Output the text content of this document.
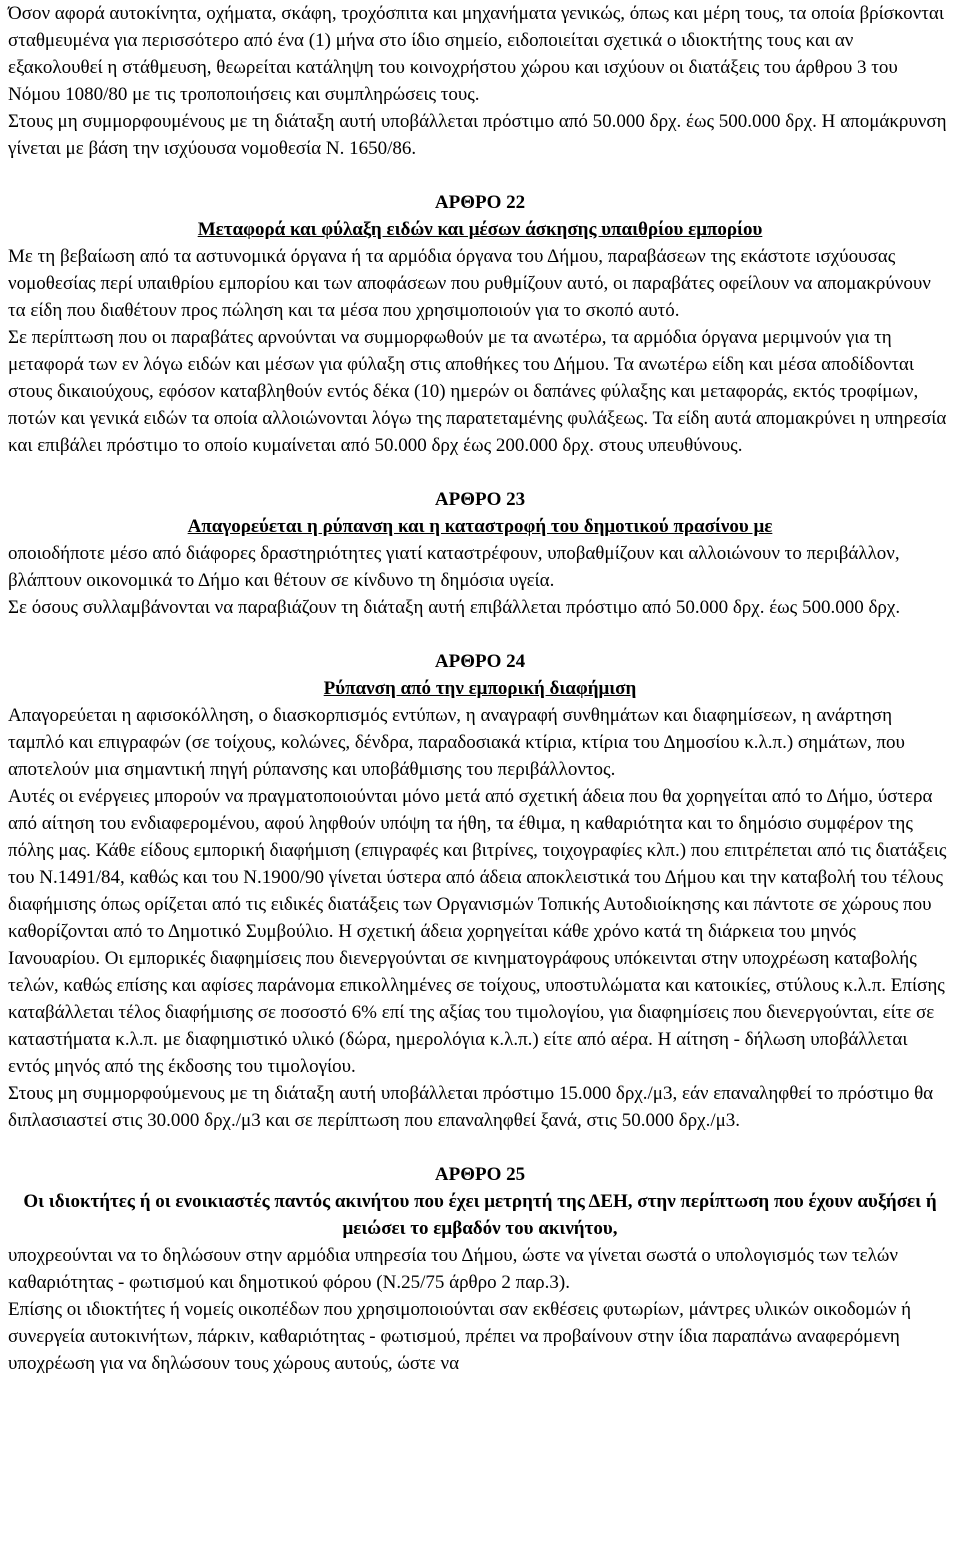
Όσον αφορά αυτοκίνητα, οχήματα, σκάφη, τροχόσπιτα και μηχανήματα γενικώς, όπως και μέρη τους, τα οποία βρίσκονται σταθμευμένα για περισσότερο από ένα (1) μήνα στο ίδιο σημείο, ειδοποιείται σχετικά ο ιδιοκτήτης τους και αν εξακολουθεί η στάθμευση, θεωρείται κατάληψη του κοινοχρήστου χώρου και ισχύουν οι διατάξεις του άρθρου 3 του Νόμου 1080/80 με τις τροποποιήσεις και συμπληρώσεις τους.

Στους μη συμμορφουμένους με τη διάταξη αυτή υποβάλλεται πρόστιμο από 50.000 δρχ. έως 500.000 δρχ. Η απομάκρυνση γίνεται με βάση την ισχύουσα νομοθεσία Ν. 1650/86.

ΑΡΘΡΟ 22

Μεταφορά και φύλαξη ειδών και μέσων άσκησης υπαιθρίου εμπορίου

Με τη βεβαίωση από τα αστυνομικά όργανα ή τα αρμόδια όργανα του Δήμου, παραβάσεων της εκάστοτε ισχύουσας νομοθεσίας περί υπαιθρίου εμπορίου και των αποφάσεων που ρυθμίζουν αυτό, οι παραβάτες οφείλουν να απομακρύνουν τα είδη που διαθέτουν προς πώληση και τα μέσα που χρησιμοποιούν για το σκοπό αυτό.

Σε περίπτωση που οι παραβάτες αρνούνται να συμμορφωθούν με τα ανωτέρω, τα αρμόδια όργανα μεριμνούν για τη μεταφορά των εν λόγω ειδών και μέσων για φύλαξη στις αποθήκες του Δήμου. Τα ανωτέρω είδη και μέσα αποδίδονται στους δικαιούχους, εφόσον καταβληθούν εντός δέκα (10) ημερών οι δαπάνες φύλαξης και μεταφοράς, εκτός τροφίμων, ποτών και γενικά ειδών τα οποία αλλοιώνονται λόγω της παρατεταμένης φυλάξεως. Τα είδη αυτά απομακρύνει η υπηρεσία και επιβάλει πρόστιμο το οποίο κυμαίνεται από 50.000 δρχ έως 200.000 δρχ. στους υπευθύνους.

ΑΡΘΡΟ 23

Απαγορεύεται η ρύπανση και η καταστροφή του δημοτικού πρασίνου με

οποιοδήποτε μέσο από διάφορες δραστηριότητες γιατί καταστρέφουν, υποβαθμίζουν και αλλοιώνουν το περιβάλλον, βλάπτουν οικονομικά το Δήμο και θέτουν σε κίνδυνο τη δημόσια υγεία.

Σε όσους συλλαμβάνονται να παραβιάζουν τη διάταξη αυτή επιβάλλεται πρόστιμο από 50.000 δρχ. έως 500.000 δρχ.

ΑΡΘΡΟ 24

Ρύπανση από την εμπορική διαφήμιση

Απαγορεύεται η αφισοκόλληση, ο διασκορπισμός εντύπων, η αναγραφή συνθημάτων και διαφημίσεων, η ανάρτηση ταμπλό και επιγραφών (σε τοίχους, κολώνες, δένδρα, παραδοσιακά κτίρια, κτίρια του Δημοσίου κ.λ.π.) σημάτων, που αποτελούν μια σημαντική πηγή ρύπανσης και υποβάθμισης του περιβάλλοντος.

Αυτές οι ενέργειες μπορούν να πραγματοποιούνται μόνο μετά από σχετική άδεια που θα χορηγείται από το Δήμο, ύστερα από αίτηση του ενδιαφερομένου, αφού ληφθούν υπόψη τα ήθη, τα έθιμα, η καθαριότητα και το δημόσιο συμφέρον της πόλης μας. Κάθε είδους εμπορική διαφήμιση (επιγραφές και βιτρίνες, τοιχογραφίες κλπ.) που επιτρέπεται από τις διατάξεις του Ν.1491/84, καθώς και του Ν.1900/90 γίνεται ύστερα από άδεια αποκλειστικά του Δήμου και την καταβολή του τέλους διαφήμισης όπως ορίζεται από τις ειδικές διατάξεις των Οργανισμών Τοπικής Αυτοδιοίκησης και πάντοτε σε χώρους που καθορίζονται από το Δημοτικό Συμβούλιο. Η σχετική άδεια χορηγείται κάθε χρόνο κατά τη διάρκεια του μηνός Ιανουαρίου. Οι εμπορικές διαφημίσεις που διενεργούνται σε κινηματογράφους υπόκεινται στην υποχρέωση καταβολής τελών, καθώς επίσης και αφίσες παράνομα επικολλημένες σε τοίχους, υποστυλώματα και κατοικίες, στύλους κ.λ.π. Επίσης καταβάλλεται τέλος διαφήμισης σε ποσοστό 6% επί της αξίας του τιμολογίου, για διαφημίσεις που διενεργούνται, είτε σε καταστήματα κ.λ.π. με διαφημιστικό υλικό (δώρα, ημερολόγια κ.λ.π.) είτε από αέρα. Η αίτηση - δήλωση υποβάλλεται εντός μηνός από της έκδοσης του τιμολογίου.

Στους μη συμμορφούμενους με τη διάταξη αυτή υποβάλλεται πρόστιμο 15.000 δρχ./μ3, εάν επαναληφθεί το πρόστιμο θα διπλασιαστεί στις 30.000 δρχ./μ3 και σε περίπτωση που επαναληφθεί ξανά, στις 50.000 δρχ./μ3.

ΑΡΘΡΟ 25

Οι ιδιοκτήτες ή οι ενοικιαστές παντός ακινήτου που έχει μετρητή της ΔΕΗ, στην περίπτωση που έχουν αυξήσει ή μειώσει το εμβαδόν του ακινήτου,

υποχρεούνται να το δηλώσουν στην αρμόδια υπηρεσία του Δήμου, ώστε να γίνεται σωστά ο υπολογισμός των τελών καθαριότητας - φωτισμού και δημοτικού φόρου (Ν.25/75 άρθρο 2 παρ.3).

Επίσης οι ιδιοκτήτες ή νομείς οικοπέδων που χρησιμοποιούνται σαν εκθέσεις φυτωρίων, μάντρες υλικών οικοδομών ή συνεργεία αυτοκινήτων, πάρκιν, καθαριότητας - φωτισμού, πρέπει να προβαίνουν στην ίδια παραπάνω αναφερόμενη υποχρέωση για να δηλώσουν τους χώρους αυτούς, ώστε να
